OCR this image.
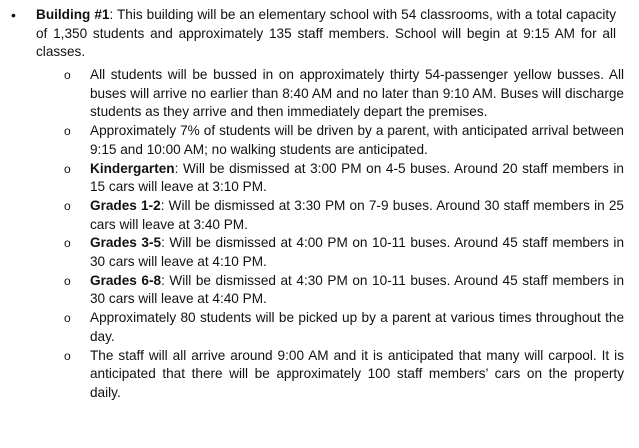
• Building #1: This building will be an elementary school with 54 classrooms, with a total capacity of 1,350 students and approximately 135 staff members. School will begin at 9:15 AM for all classes.
o All students will be bussed in on approximately thirty 54-passenger yellow busses. All buses will arrive no earlier than 8:40 AM and no later than 9:10 AM. Buses will discharge students as they arrive and then immediately depart the premises.
o Approximately 7% of students will be driven by a parent, with anticipated arrival between 9:15 and 10:00 AM; no walking students are anticipated.
o Kindergarten: Will be dismissed at 3:00 PM on 4-5 buses. Around 20 staff members in 15 cars will leave at 3:10 PM.
o Grades 1-2: Will be dismissed at 3:30 PM on 7-9 buses. Around 30 staff members in 25 cars will leave at 3:40 PM.
o Grades 3-5: Will be dismissed at 4:00 PM on 10-11 buses. Around 45 staff members in 30 cars will leave at 4:10 PM.
o Grades 6-8: Will be dismissed at 4:30 PM on 10-11 buses. Around 45 staff members in 30 cars will leave at 4:40 PM.
o Approximately 80 students will be picked up by a parent at various times throughout the day.
o The staff will all arrive around 9:00 AM and it is anticipated that many will carpool. It is anticipated that there will be approximately 100 staff members’ cars on the property daily.
